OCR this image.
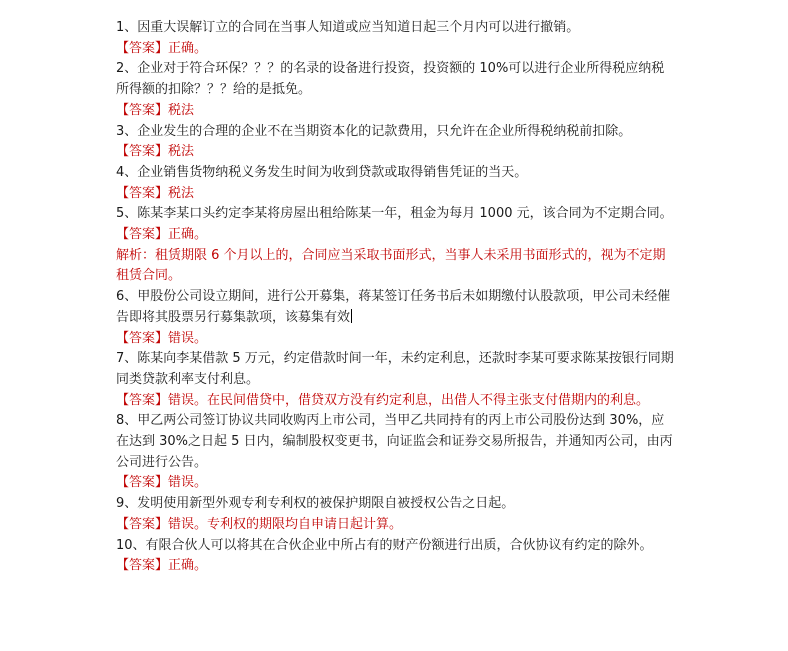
1、因重大误解订立的合同在当事人知道或应当知道日起三个月内可以进行撤销。
【答案】正确。
2、企业对于符合环保？？？的名录的设备进行投资，投资额的 10%可以进行企业所得税应纳税所得额的扣除？？？给的是抵免。
【答案】税法
3、企业发生的合理的企业不在当期资本化的记款费用，只允许在企业所得税纳税前扣除。
【答案】税法
4、企业销售货物纳税义务发生时间为收到贷款或取得销售凭证的当天。
【答案】税法
5、陈某李某口头约定李某将房屋出租给陈某一年，租金为每月 1000 元，该合同为不定期合同。
【答案】正确。
解析：租赁期限 6 个月以上的，合同应当采取书面形式，当事人未采用书面形式的，视为不定期租赁合同。
6、甲股份公司设立期间，进行公开募集，蒋某签订任务书后未如期缴付认股款项，甲公司未经催告即将其股票另行募集款项，该募集有效
【答案】错误。
7、陈某向李某借款 5 万元，约定借款时间一年，未约定利息，还款时李某可要求陈某按银行同期同类贷款利率支付利息。
【答案】错误。在民间借贷中，借贷双方没有约定利息，出借人不得主张支付借期内的利息。
8、甲乙两公司签订协议共同收购丙上市公司，当甲乙共同持有的丙上市公司股份达到 30%，应在达到 30%之日起 5 日内，编制股权变更书，向证监会和证券交易所报告，并通知丙公司，由丙公司进行公告。
【答案】错误。
9、发明使用新型外观专利专利权的被保护期限自被授权公告之日起。
【答案】错误。专利权的期限均自申请日起计算。
10、有限合伙人可以将其在合伙企业中所占有的财产份额进行出质，合伙协议有约定的除外。
【答案】正确。
